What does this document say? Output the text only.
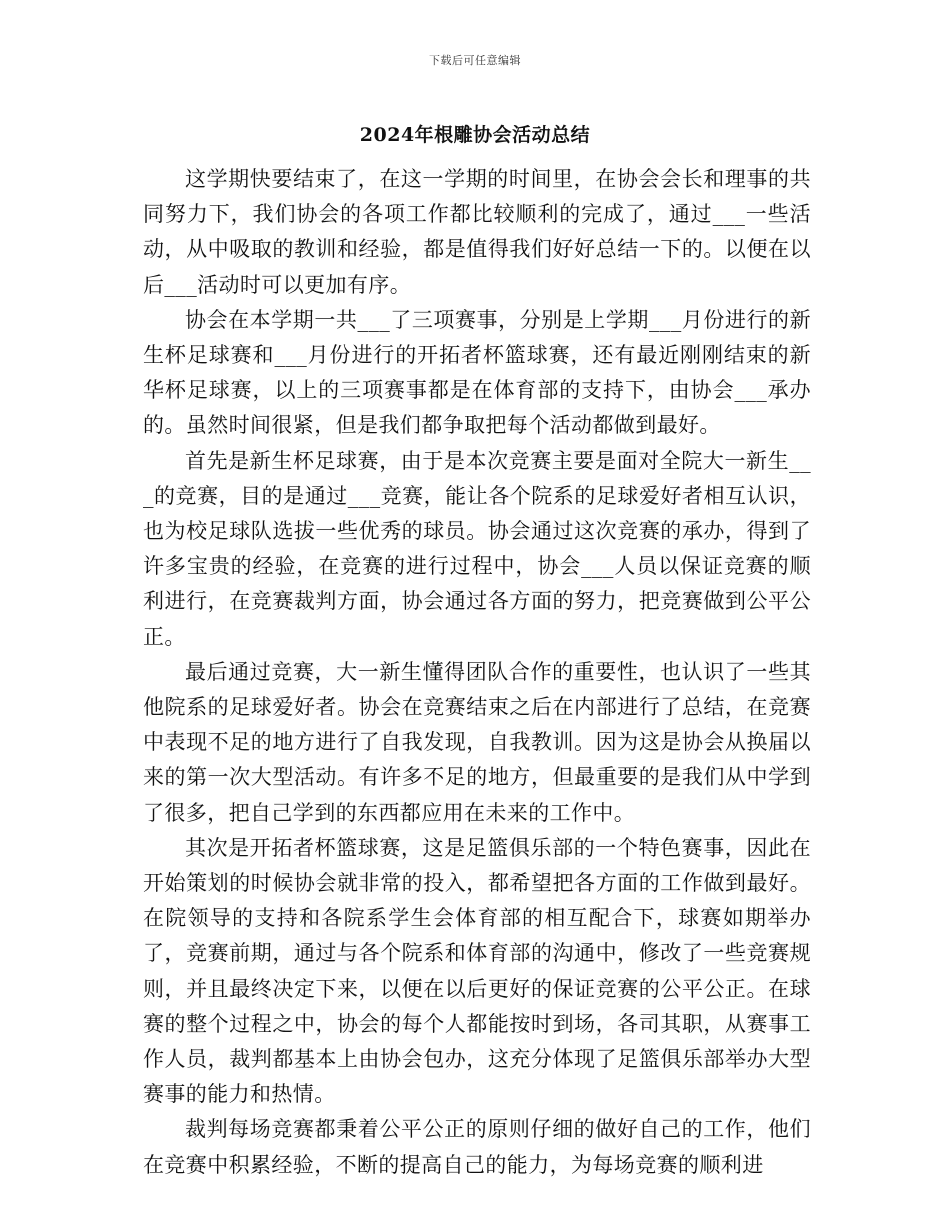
下载后可任意编辑
2024年根雕协会活动总结

这学期快要结束了，在这一学期的时间里，在协会会长和理事的共同努力下，我们协会的各项工作都比较顺利的完成了，通过___一些活动，从中吸取的教训和经验，都是值得我们好好总结一下的。以便在以后___活动时可以更加有序。

协会在本学期一共___了三项赛事，分别是上学期___月份进行的新生杯足球赛和___月份进行的开拓者杯篮球赛，还有最近刚刚结束的新华杯足球赛，以上的三项赛事都是在体育部的支持下，由协会___承办的。虽然时间很紧，但是我们都争取把每个活动都做到最好。

首先是新生杯足球赛，由于是本次竞赛主要是面对全院大一新生___的竞赛，目的是通过___竞赛，能让各个院系的足球爱好者相互认识，也为校足球队选拔一些优秀的球员。协会通过这次竞赛的承办，得到了许多宝贵的经验，在竞赛的进行过程中，协会___人员以保证竞赛的顺利进行，在竞赛裁判方面，协会通过各方面的努力，把竞赛做到公平公正。

最后通过竞赛，大一新生懂得团队合作的重要性，也认识了一些其他院系的足球爱好者。协会在竞赛结束之后在内部进行了总结，在竞赛中表现不足的地方进行了自我发现，自我教训。因为这是协会从换届以来的第一次大型活动。有许多不足的地方，但最重要的是我们从中学到了很多，把自己学到的东西都应用在未来的工作中。

其次是开拓者杯篮球赛，这是足篮俱乐部的一个特色赛事，因此在开始策划的时候协会就非常的投入，都希望把各方面的工作做到最好。在院领导的支持和各院系学生会体育部的相互配合下，球赛如期举办了，竞赛前期，通过与各个院系和体育部的沟通中，修改了一些竞赛规则，并且最终决定下来，以便在以后更好的保证竞赛的公平公正。在球赛的整个过程之中，协会的每个人都能按时到场，各司其职，从赛事工作人员，裁判都基本上由协会包办，这充分体现了足篮俱乐部举办大型赛事的能力和热情。

裁判每场竞赛都秉着公平公正的原则仔细的做好自己的工作，他们在竞赛中积累经验，不断的提高自己的能力，为每场竞赛的顺利进
